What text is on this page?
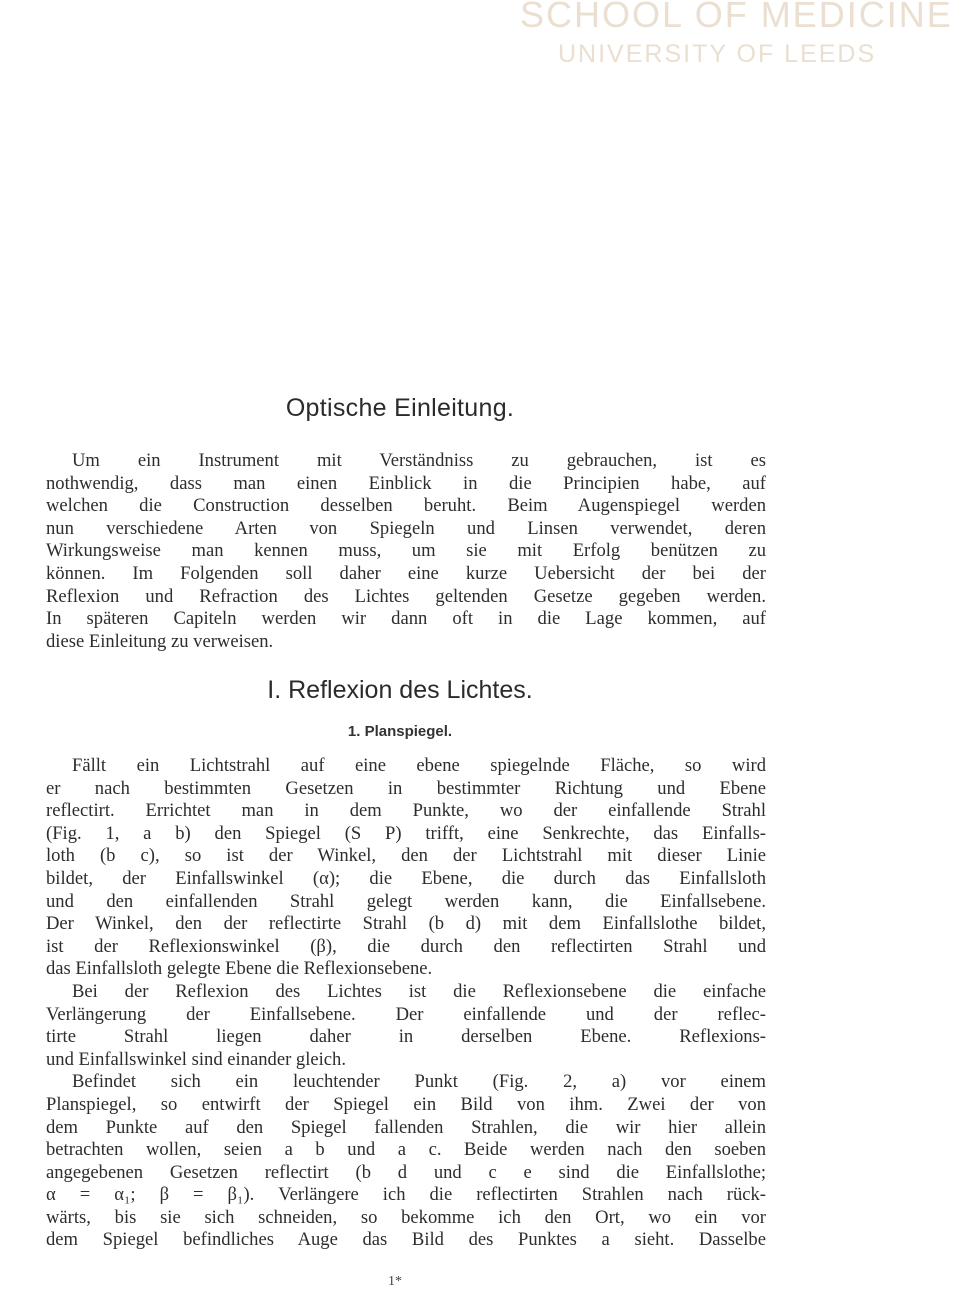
SCHOOL OF MEDICINE
UNIVERSITY OF LEEDS
Optische Einleitung.

Um ein Instrument mit Verständniss zu gebrauchen, ist es
nothwendig, dass man einen Einblick in die Principien habe, auf
welchen die Construction desselben beruht. Beim Augenspiegel werden
nun verschiedene Arten von Spiegeln und Linsen verwendet, deren
Wirkungsweise man kennen muss, um sie mit Erfolg benützen zu
können. Im Folgenden soll daher eine kurze Uebersicht der bei der
Reflexion und Refraction des Lichtes geltenden Gesetze gegeben werden.
In späteren Capiteln werden wir dann oft in die Lage kommen, auf
diese Einleitung zu verweisen.

I. Reflexion des Lichtes.
1. Planspiegel.

Fällt ein Lichtstrahl auf eine ebene spiegelnde Fläche, so wird
er nach bestimmten Gesetzen in bestimmter Richtung und Ebene
reflectirt. Errichtet man in dem Punkte, wo der einfallende Strahl
(Fig. 1, a b) den Spiegel (S P) trifft, eine Senkrechte, das Einfalls-
loth (b c), so ist der Winkel, den der Lichtstrahl mit dieser Linie
bildet, der Einfallswinkel (α); die Ebene, die durch das Einfallsloth
und den einfallenden Strahl gelegt werden kann, die Einfallsebene.
Der Winkel, den der reflectirte Strahl (b d) mit dem Einfallslothe bildet,
ist der Reflexionswinkel (β), die durch den reflectirten Strahl und
das Einfallsloth gelegte Ebene die Reflexionsebene.

Bei der Reflexion des Lichtes ist die Reflexionsebene die einfache
Verlängerung der Einfallsebene. Der einfallende und der reflec-
tirte Strahl liegen daher in derselben Ebene. Reflexions-
und Einfallswinkel sind einander gleich.

Befindet sich ein leuchtender Punkt (Fig. 2, a) vor einem
Planspiegel, so entwirft der Spiegel ein Bild von ihm. Zwei der von
dem Punkte auf den Spiegel fallenden Strahlen, die wir hier allein
betrachten wollen, seien a b und a c. Beide werden nach den soeben
angegebenen Gesetzen reflectirt (b d und c e sind die Einfallslothe;
α = α₁; β = β₁). Verlängere ich die reflectirten Strahlen nach rück-
wärts, bis sie sich schneiden, so bekomme ich den Ort, wo ein vor
dem Spiegel befindliches Auge das Bild des Punktes a sieht. Dasselbe

1*
